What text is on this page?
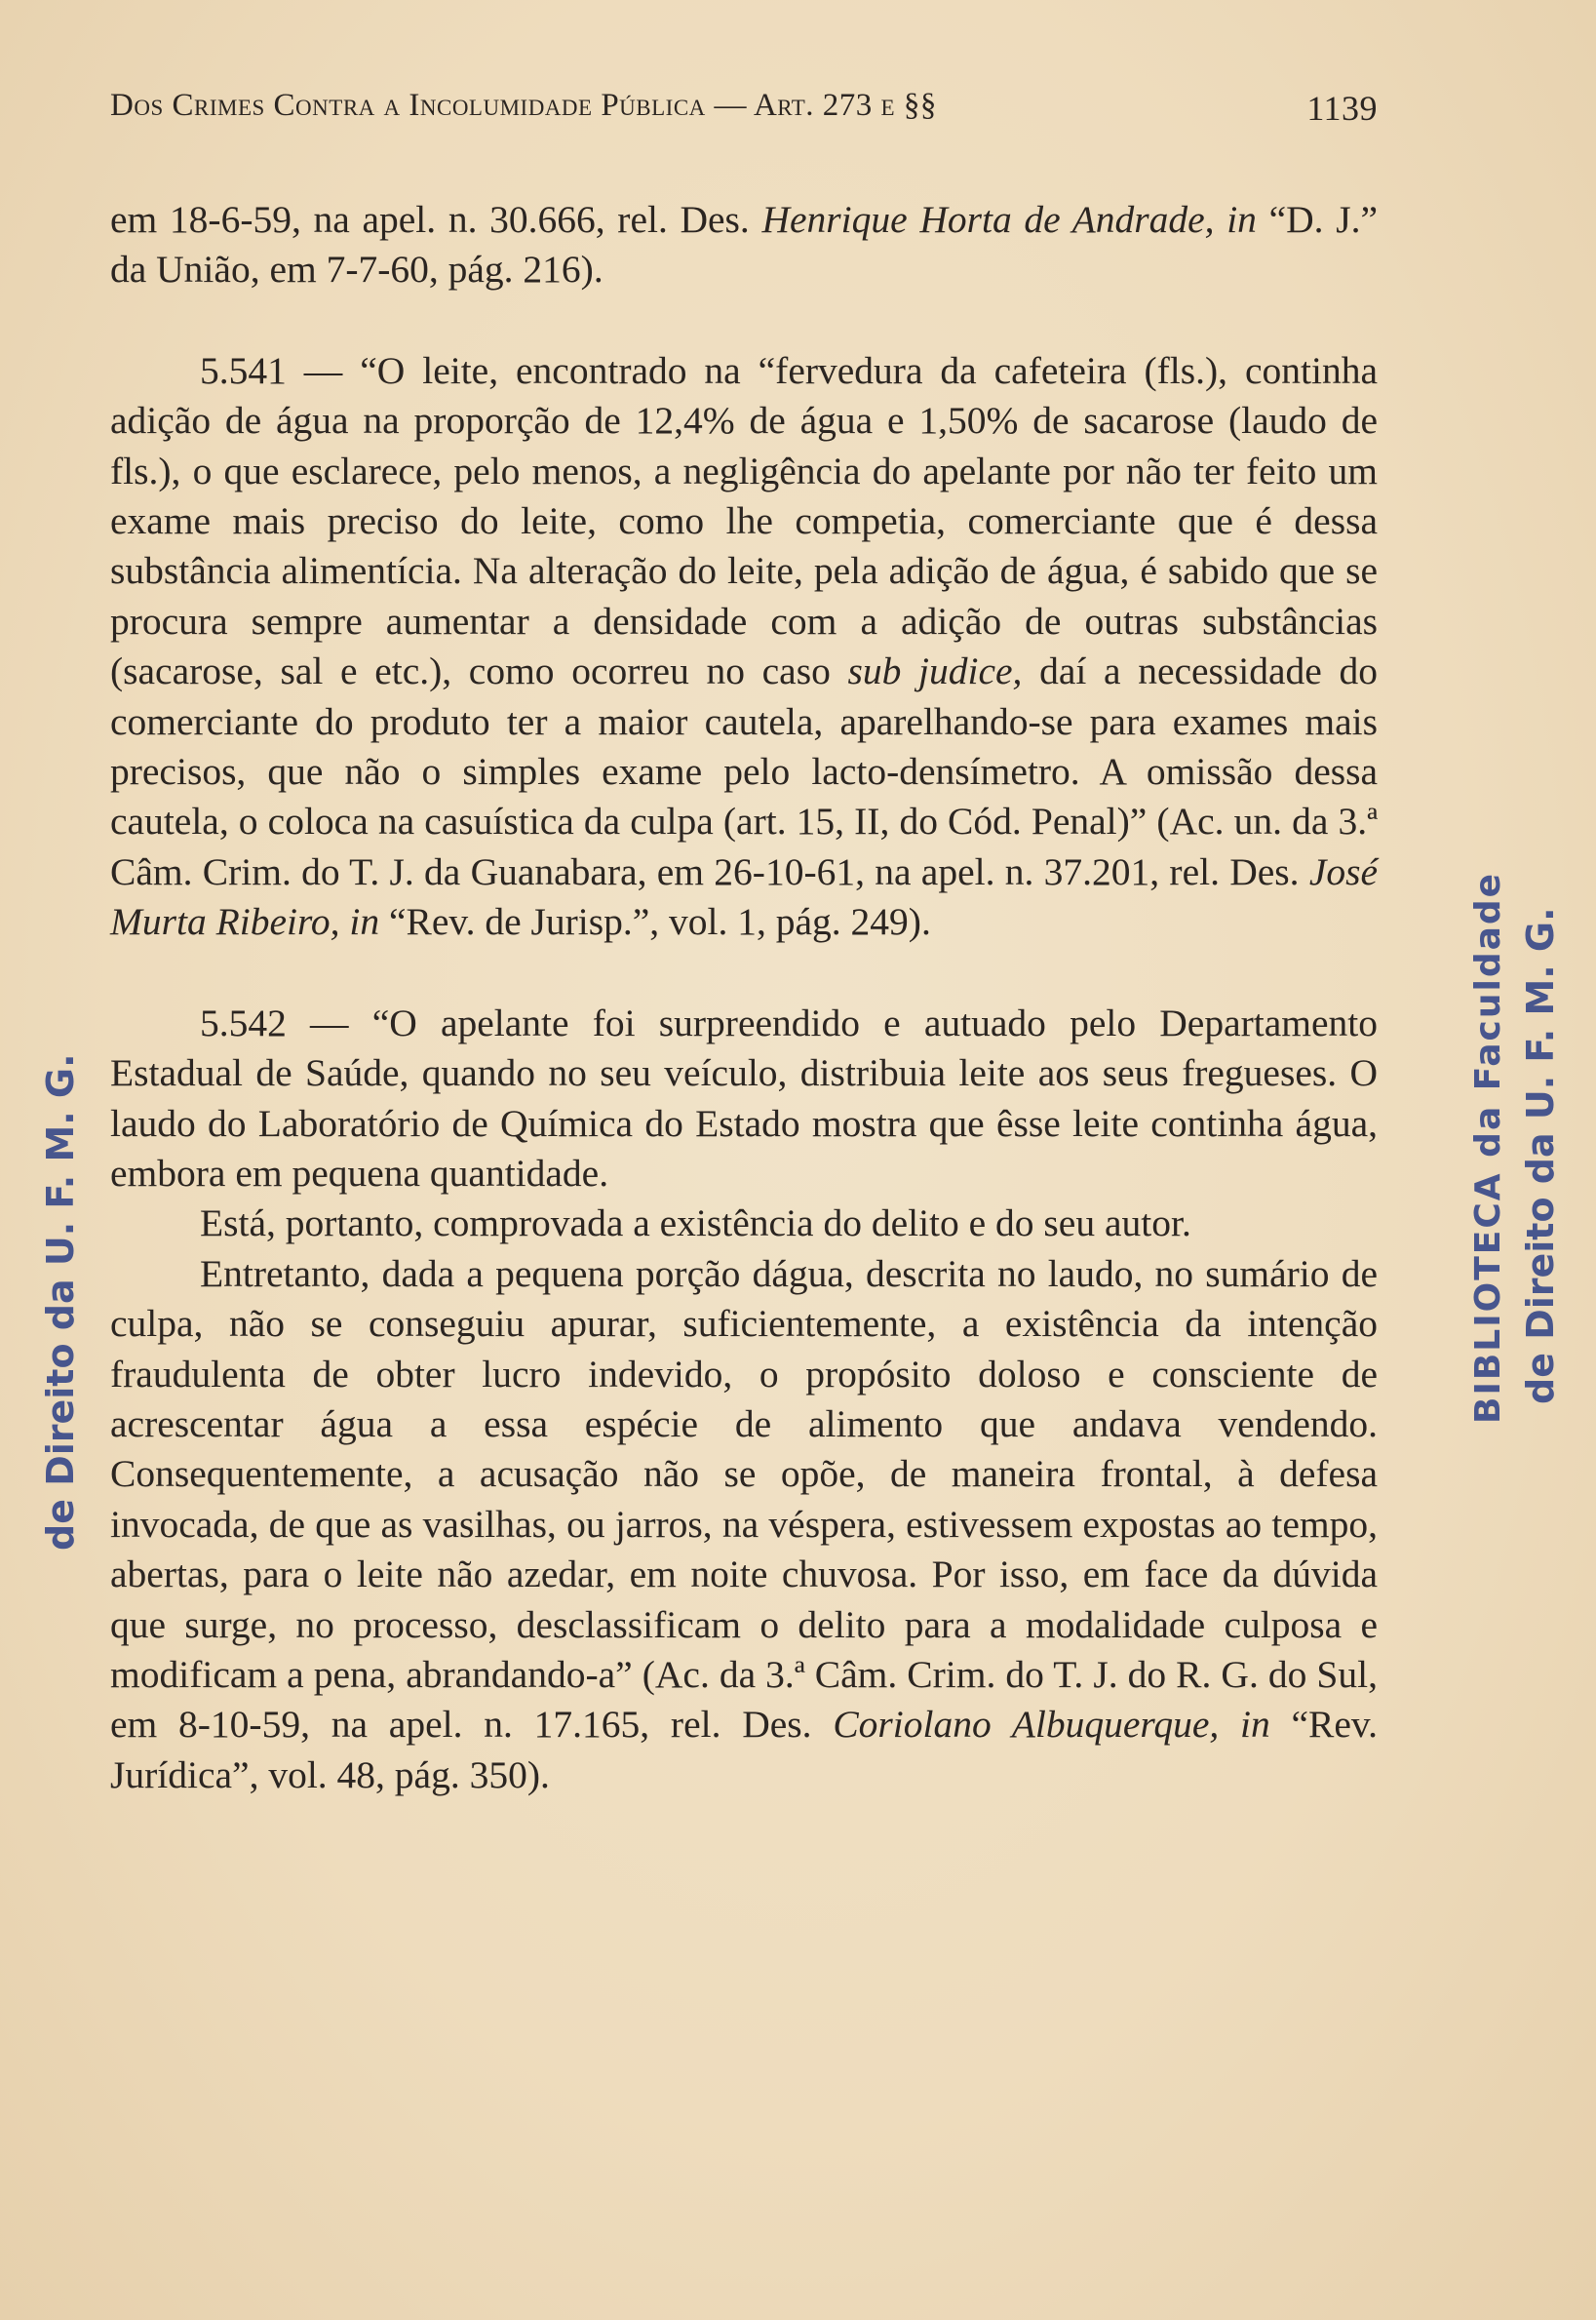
Dos Crimes Contra a Incolumidade Pública — Art. 273 e §§	1139

em 18-6-59, na apel. n. 30.666, rel. Des. Henrique Horta de Andrade, in “D. J.” da União, em 7-7-60, pág. 216).

5.541 — “O leite, encontrado na “fervedura da cafeteira (fls.), continha adição de água na proporção de 12,4% de água e 1,50% de sacarose (laudo de fls.), o que esclarece, pelo menos, a negligência do apelante por não ter feito um exame mais preciso do leite, como lhe competia, comerciante que é dessa substância alimentícia. Na alteração do leite, pela adição de água, é sabido que se procura sempre aumentar a densidade com a adição de outras substâncias (sacarose, sal e etc.), como ocorreu no caso sub judice, daí a necessidade do comerciante do produto ter a maior cautela, aparelhando-se para exames mais precisos, que não o simples exame pelo lacto-densímetro. A omissão dessa cautela, o coloca na casuística da culpa (art. 15, II, do Cód. Penal)” (Ac. un. da 3.ª Câm. Crim. do T. J. da Guanabara, em 26-10-61, na apel. n. 37.201, rel. Des. José Murta Ribeiro, in “Rev. de Jurisp.”, vol. 1, pág. 249).

5.542 — “O apelante foi surpreendido e autuado pelo Departamento Estadual de Saúde, quando no seu veículo, distribuia leite aos seus fregueses. O laudo do Laboratório de Química do Estado mostra que êsse leite continha água, embora em pequena quantidade.

Está, portanto, comprovada a existência do delito e do seu autor.

Entretanto, dada a pequena porção dágua, descrita no laudo, no sumário de culpa, não se conseguiu apurar, suficientemente, a existência da intenção fraudulenta de obter lucro indevido, o propósito doloso e consciente de acrescentar água a essa espécie de alimento que andava vendendo. Consequentemente, a acusação não se opõe, de maneira frontal, à defesa invocada, de que as vasilhas, ou jarros, na véspera, estivessem expostas ao tempo, abertas, para o leite não azedar, em noite chuvosa. Por isso, em face da dúvida que surge, no processo, desclassificam o delito para a modalidade culposa e modificam a pena, abrandando-a” (Ac. da 3.ª Câm. Crim. do T. J. do R. G. do Sul, em 8-10-59, na apel. n. 17.165, rel. Des. Coriolano Albuquerque, in “Rev. Jurídica”, vol. 48, pág. 350).

de Direito da U. F. M. G.	BIBLIOTECA da Faculdade de Direito da U. F. M. G.
